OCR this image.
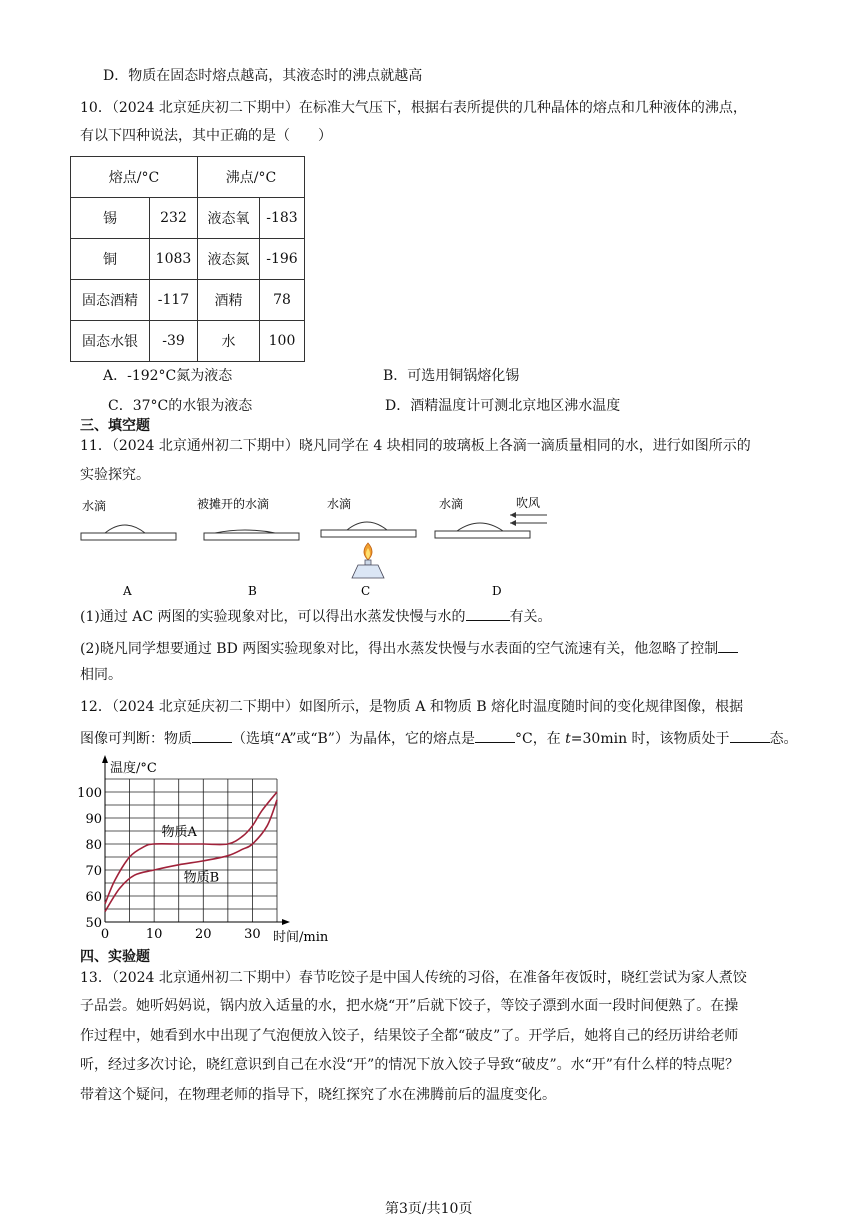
D．物质在固态时熔点越高，其液态时的沸点就越高
10．（2024 北京延庆初二下期中）在标准大气压下，根据右表所提供的几种晶体的熔点和几种液体的沸点，
有以下四种说法，其中正确的是（　　）
熔点/°C		沸点/°C	
锡	232	液态氧	-183
铜	1083	液态氮	-196
固态酒精	-117	酒精	78
固态水银	-39	水	100
A．-192°C氮为液态	B．可选用铜锅熔化锡
C．37°C的水银为液态	D．酒精温度计可测北京地区沸水温度
三、填空题
11．（2024 北京通州初二下期中）晓凡同学在 4 块相同的玻璃板上各滴一滴质量相同的水，进行如图所示的
实验探究。
水滴
A
被摊开的水滴
B
水滴
C
水滴	吹风
D
(1)通过 AC 两图的实验现象对比，可以得出水蒸发快慢与水的	有关。
(2)晓凡同学想要通过 BD 两图实验现象对比，得出水蒸发快慢与水表面的空气流速有关，他忽略了控制
相同。
12．（2024 北京延庆初二下期中）如图所示，是物质 A 和物质 B 熔化时温度随时间的变化规律图像，根据
图像可判断：物质	（选填“A”或“B”）为晶体，它的熔点是	°C，在 t=30min 时，该物质处于	态。
50
60
70
80
90
100
0	10	20	30
温度/°C
时间/min
物质A
物质B
四、实验题
13．（2024 北京通州初二下期中）春节吃饺子是中国人传统的习俗，在准备年夜饭时，晓红尝试为家人煮饺
子品尝。她听妈妈说，锅内放入适量的水，把水烧“开”后就下饺子，等饺子漂到水面一段时间便熟了。在操
作过程中，她看到水中出现了气泡便放入饺子，结果饺子全都“破皮”了。开学后，她将自己的经历讲给老师
听，经过多次讨论，晓红意识到自己在水没“开”的情况下放入饺子导致“破皮”。水“开”有什么样的特点呢？
带着这个疑问，在物理老师的指导下，晓红探究了水在沸腾前后的温度变化。
第3页/共10页
